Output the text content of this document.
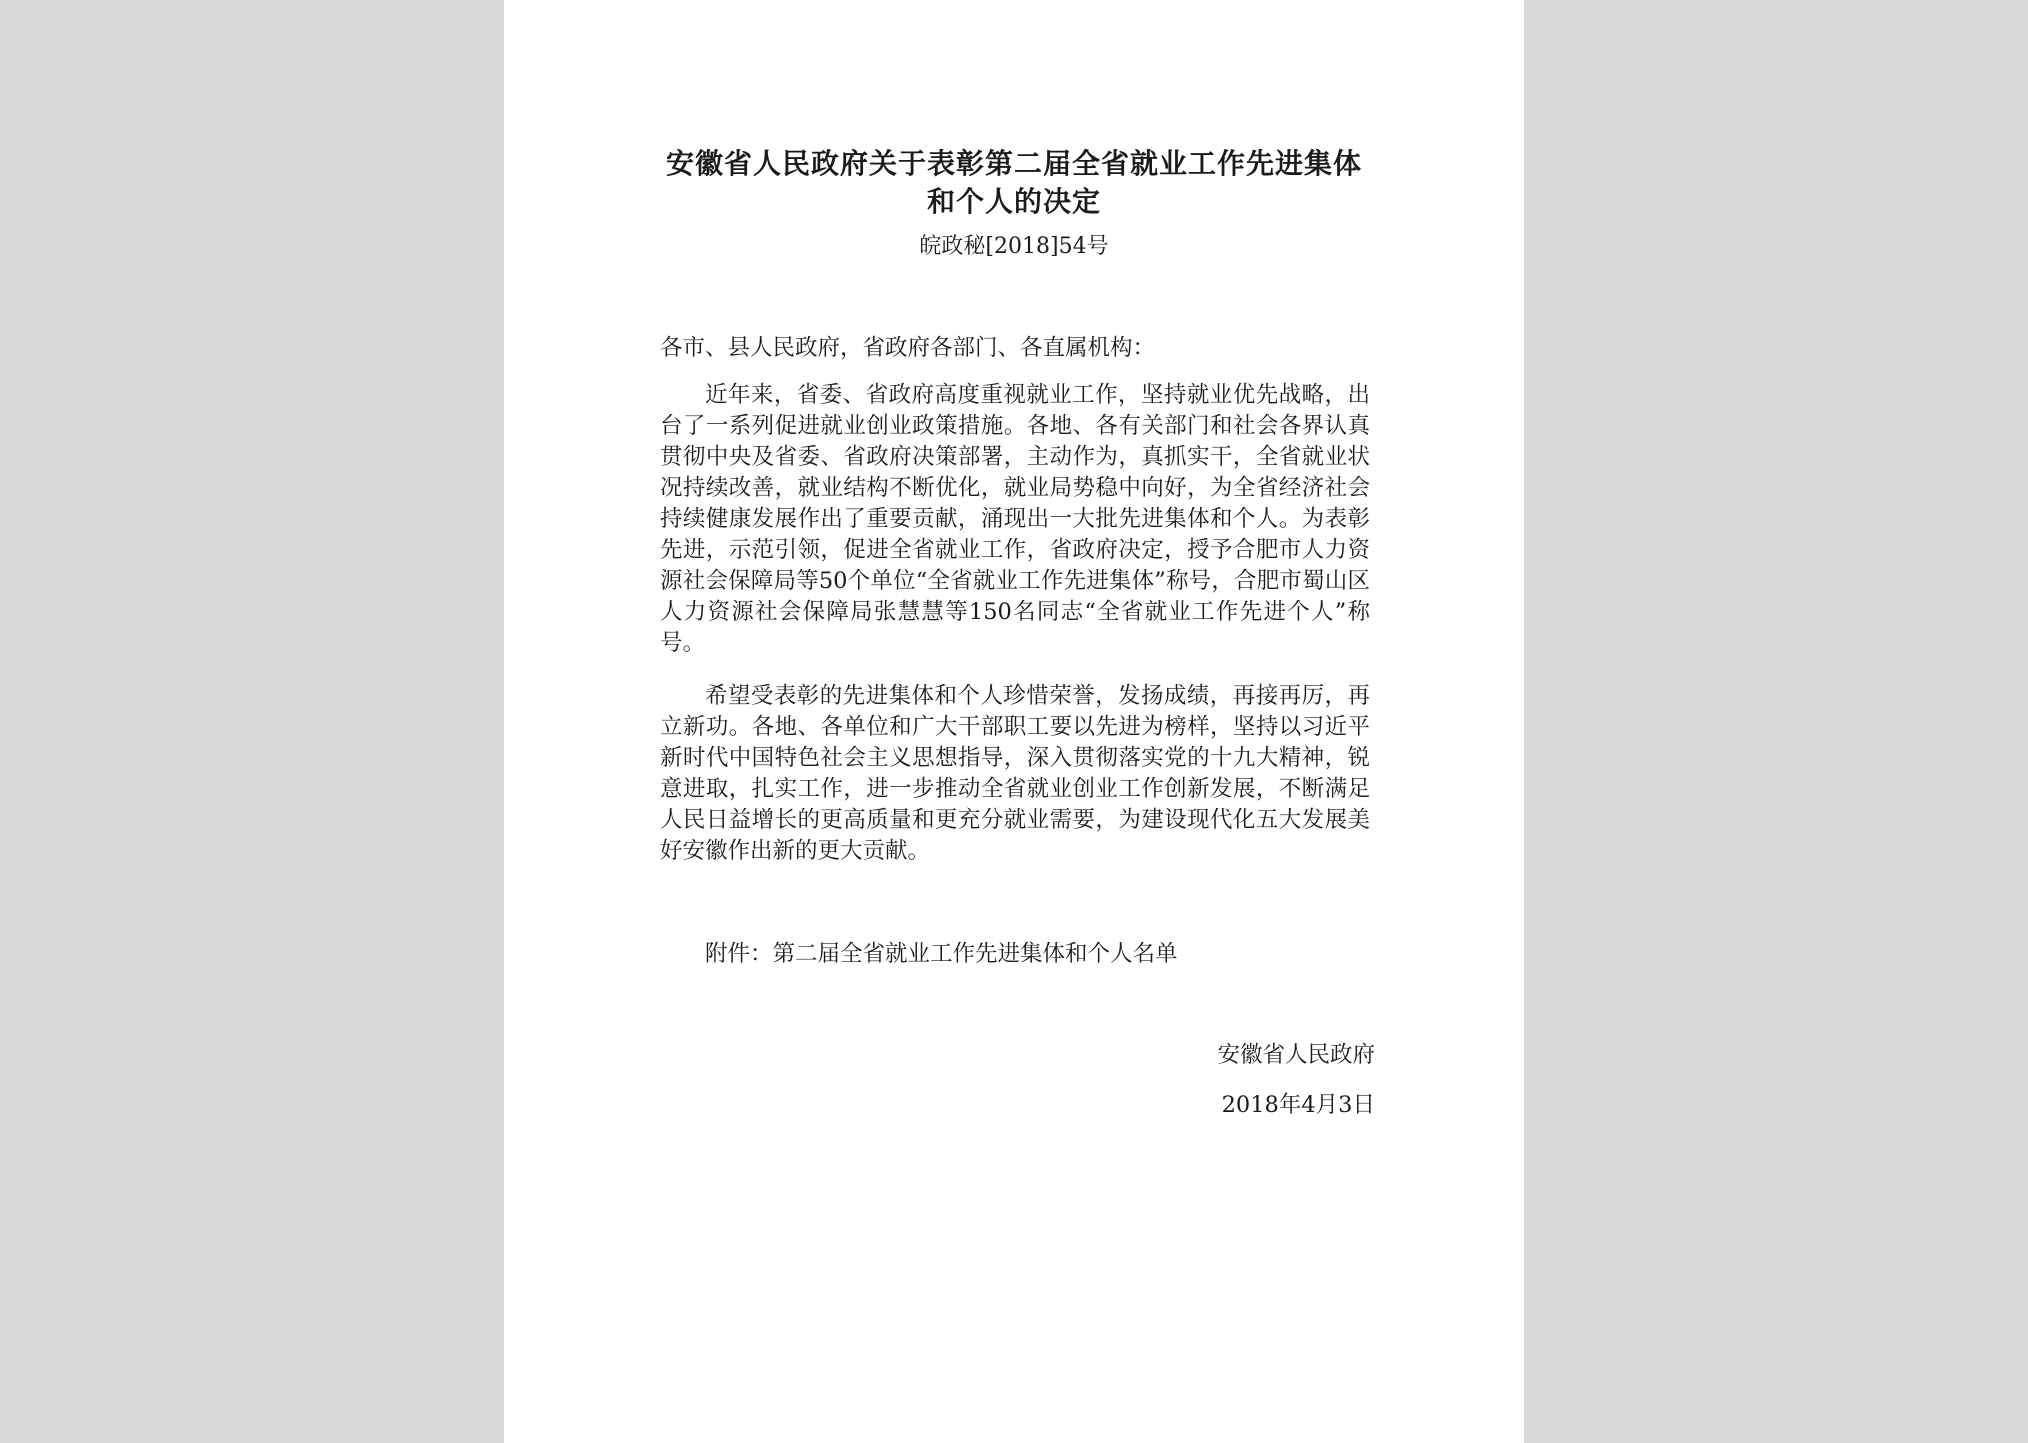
安徽省人民政府关于表彰第二届全省就业工作先进集体和个人的决定
皖政秘[2018]54号
各市、县人民政府，省政府各部门、各直属机构：
近年来，省委、省政府高度重视就业工作，坚持就业优先战略，出台了一系列促进就业创业政策措施。各地、各有关部门和社会各界认真贯彻中央及省委、省政府决策部署，主动作为，真抓实干，全省就业状况持续改善，就业结构不断优化，就业局势稳中向好，为全省经济社会持续健康发展作出了重要贡献，涌现出一大批先进集体和个人。为表彰先进，示范引领，促进全省就业工作，省政府决定，授予合肥市人力资源社会保障局等50个单位“全省就业工作先进集体”称号，合肥市蜀山区人力资源社会保障局张慧慧等150名同志“全省就业工作先进个人”称号。
希望受表彰的先进集体和个人珍惜荣誉，发扬成绩，再接再厉，再立新功。各地、各单位和广大干部职工要以先进为榜样，坚持以习近平新时代中国特色社会主义思想指导，深入贯彻落实党的十九大精神，锐意进取，扎实工作，进一步推动全省就业创业工作创新发展，不断满足人民日益增长的更高质量和更充分就业需要，为建设现代化五大发展美好安徽作出新的更大贡献。
附件：第二届全省就业工作先进集体和个人名单
安徽省人民政府
2018年4月3日
